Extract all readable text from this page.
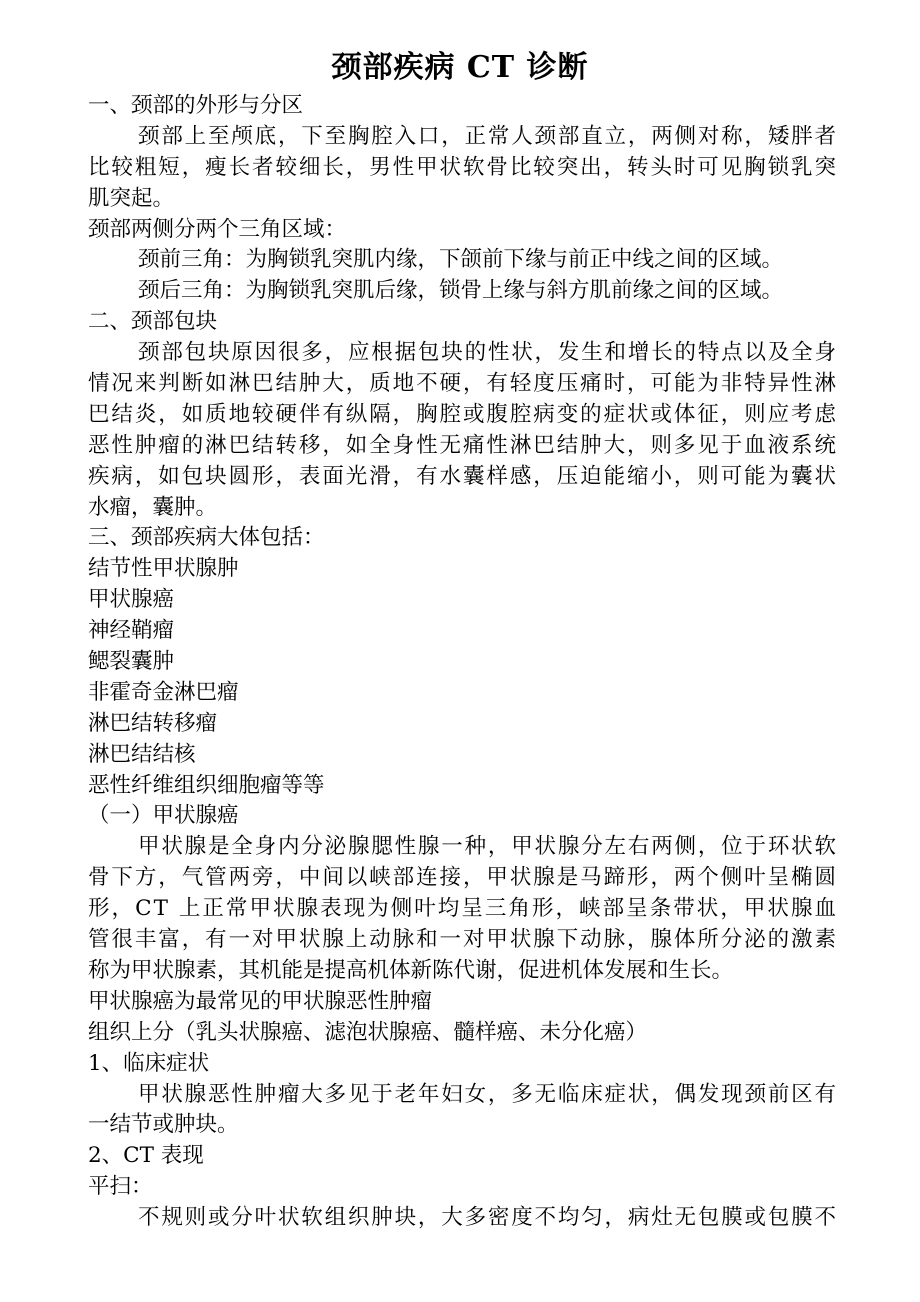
颈部疾病 CT 诊断
一、颈部的外形与分区
颈部上至颅底，下至胸腔入口，正常人颈部直立，两侧对称，矮胖者
比较粗短，瘦长者较细长，男性甲状软骨比较突出，转头时可见胸锁乳突
肌突起。
颈部两侧分两个三角区域：
颈前三角：为胸锁乳突肌内缘，下颌前下缘与前正中线之间的区域。
颈后三角：为胸锁乳突肌后缘，锁骨上缘与斜方肌前缘之间的区域。
二、颈部包块
颈部包块原因很多，应根据包块的性状，发生和增长的特点以及全身
情况来判断如淋巴结肿大，质地不硬，有轻度压痛时，可能为非特异性淋
巴结炎，如质地较硬伴有纵隔，胸腔或腹腔病变的症状或体征，则应考虑
恶性肿瘤的淋巴结转移，如全身性无痛性淋巴结肿大，则多见于血液系统
疾病，如包块圆形，表面光滑，有水囊样感，压迫能缩小，则可能为囊状
水瘤，囊肿。
三、颈部疾病大体包括：
结节性甲状腺肿
甲状腺癌
神经鞘瘤
鳃裂囊肿
非霍奇金淋巴瘤
淋巴结转移瘤
淋巴结结核
恶性纤维组织细胞瘤等等
（一）甲状腺癌
甲状腺是全身内分泌腺腮性腺一种，甲状腺分左右两侧，位于环状软
骨下方，气管两旁，中间以峡部连接，甲状腺是马蹄形，两个侧叶呈椭圆
形，CT 上正常甲状腺表现为侧叶均呈三角形，峡部呈条带状，甲状腺血
管很丰富，有一对甲状腺上动脉和一对甲状腺下动脉，腺体所分泌的激素
称为甲状腺素，其机能是提高机体新陈代谢，促进机体发展和生长。
甲状腺癌为最常见的甲状腺恶性肿瘤
组织上分（乳头状腺癌、滤泡状腺癌、髓样癌、未分化癌）
1、临床症状
甲状腺恶性肿瘤大多见于老年妇女，多无临床症状，偶发现颈前区有
一结节或肿块。
2、CT 表现
平扫：
不规则或分叶状软组织肿块，大多密度不均匀，病灶无包膜或包膜不
